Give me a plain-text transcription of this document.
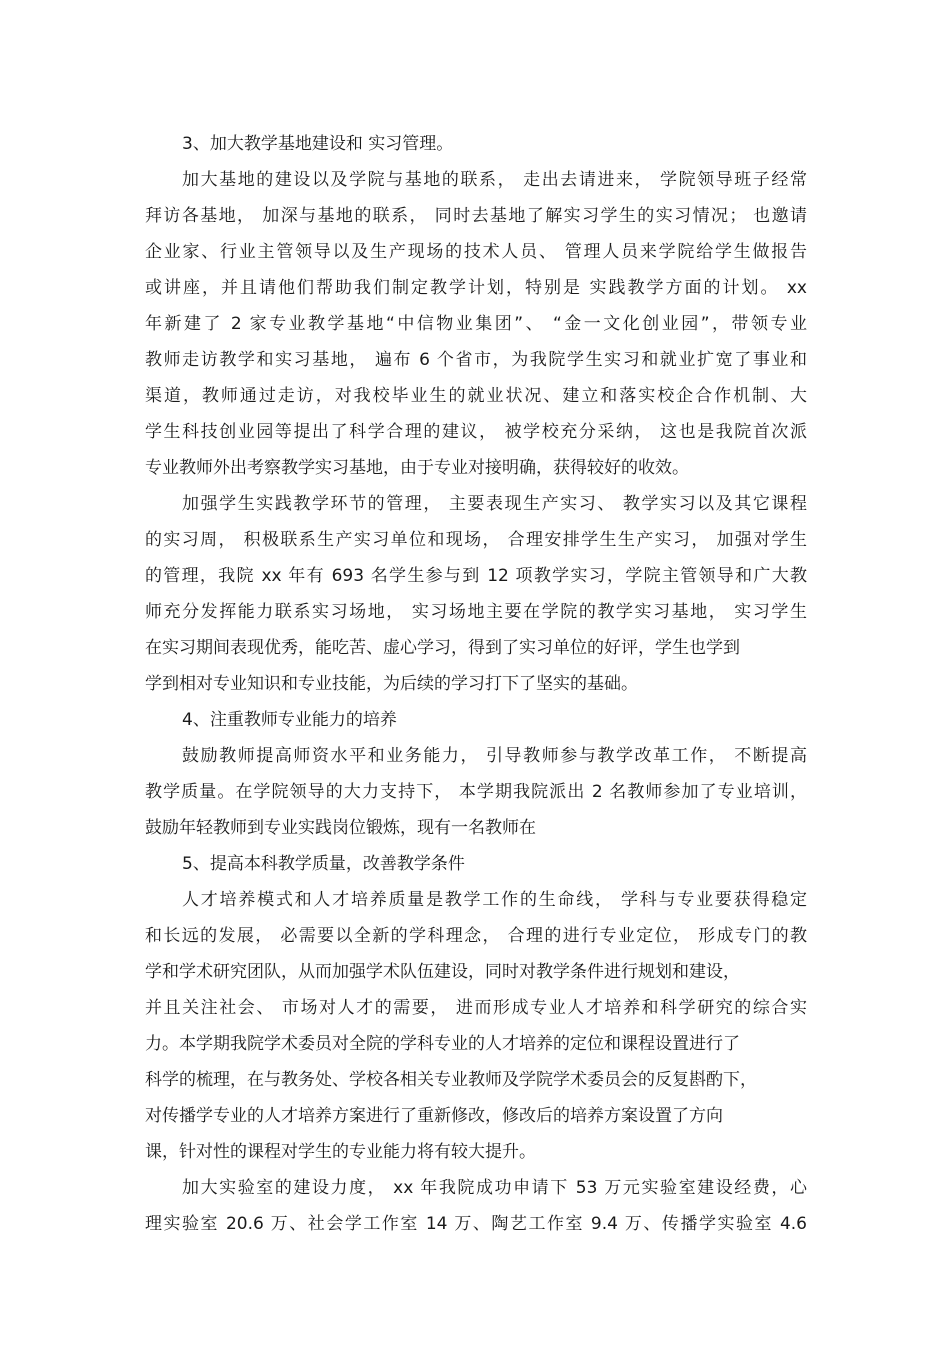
3、加大教学基地建设和 实习管理。
加大基地的建设以及学院与基地的联系， 走出去请进来， 学院领导班子经常
拜访各基地， 加深与基地的联系， 同时去基地了解实习学生的实习情况； 也邀请
企业家、行业主管领导以及生产现场的技术人员、 管理人员来学院给学生做报告
或讲座，并且请他们帮助我们制定教学计划，特别是 实践教学方面的计划。 xx
年新建了 2 家专业教学基地“中信物业集团”、 “金一文化创业园”，带领专业
教师走访教学和实习基地， 遍布 6 个省市，为我院学生实习和就业扩宽了事业和
渠道，教师通过走访，对我校毕业生的就业状况、建立和落实校企合作机制、大
学生科技创业园等提出了科学合理的建议， 被学校充分采纳， 这也是我院首次派
专业教师外出考察教学实习基地，由于专业对接明确，获得较好的收效。
加强学生实践教学环节的管理， 主要表现生产实习、 教学实习以及其它课程
的实习周， 积极联系生产实习单位和现场， 合理安排学生生产实习， 加强对学生
的管理，我院 xx 年有 693 名学生参与到 12 项教学实习，学院主管领导和广大教
师充分发挥能力联系实习场地， 实习场地主要在学院的教学实习基地， 实习学生
在实习期间表现优秀，能吃苦、虚心学习，得到了实习单位的好评，学生也学到
学到相对专业知识和专业技能，为后续的学习打下了坚实的基础。
4、注重教师专业能力的培养
鼓励教师提高师资水平和业务能力， 引导教师参与教学改革工作， 不断提高
教学质量。在学院领导的大力支持下， 本学期我院派出 2 名教师参加了专业培训，
鼓励年轻教师到专业实践岗位锻炼，现有一名教师在
5、提高本科教学质量，改善教学条件
人才培养模式和人才培养质量是教学工作的生命线， 学科与专业要获得稳定
和长远的发展， 必需要以全新的学科理念， 合理的进行专业定位， 形成专门的教
学和学术研究团队，从而加强学术队伍建设，同时对教学条件进行规划和建设，
并且关注社会、 市场对人才的需要， 进而形成专业人才培养和科学研究的综合实
力。本学期我院学术委员对全院的学科专业的人才培养的定位和课程设置进行了
科学的梳理，在与教务处、学校各相关专业教师及学院学术委员会的反复斟酌下，
对传播学专业的人才培养方案进行了重新修改，修改后的培养方案设置了方向
课，针对性的课程对学生的专业能力将有较大提升。
加大实验室的建设力度， xx 年我院成功申请下 53 万元实验室建设经费，心
理实验室 20.6 万、社会学工作室 14 万、陶艺工作室 9.4 万、传播学实验室 4.6
